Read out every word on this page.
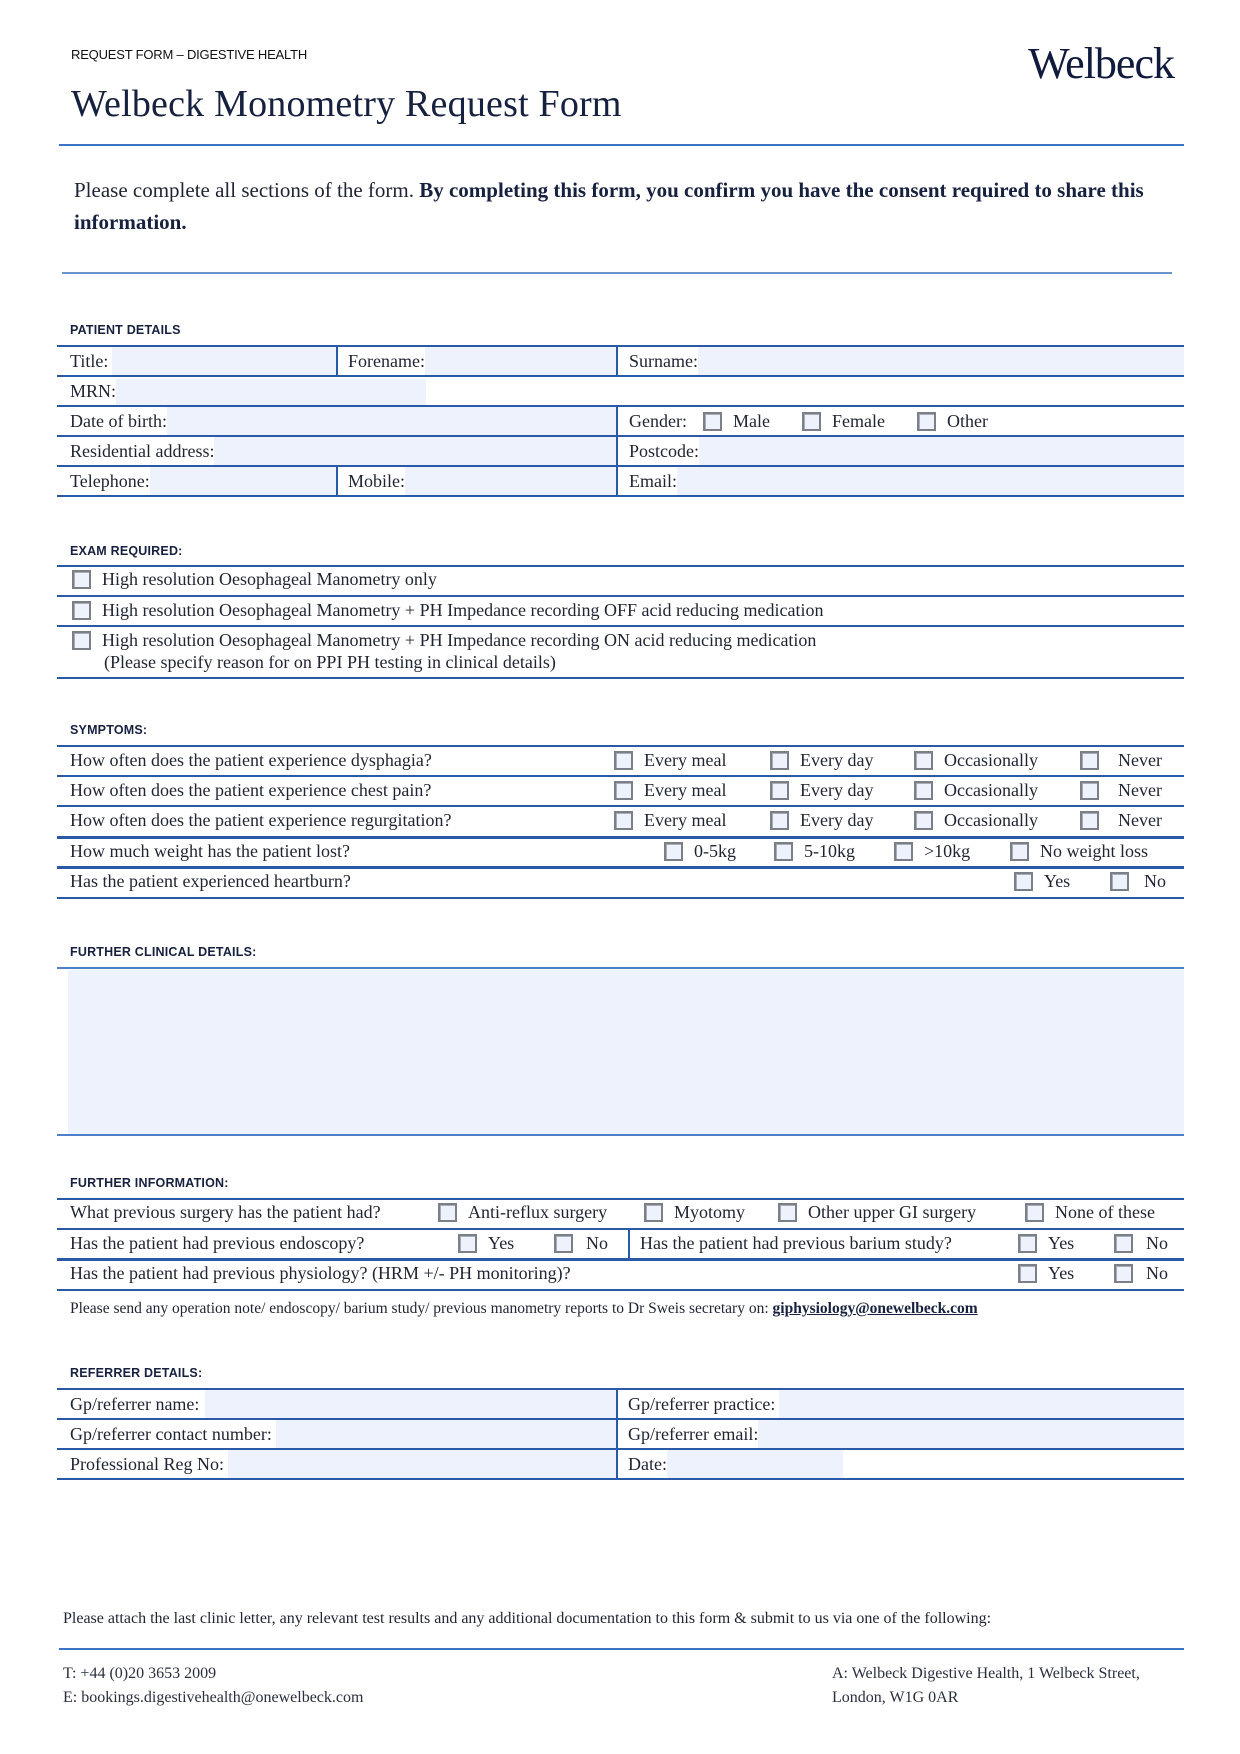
REQUEST FORM – DIGESTIVE HEALTH
Welbeck Monometry Request Form
Welbeck

Please complete all sections of the form. By completing this form, you confirm you have the consent required to share this information.

PATIENT DETAILS
Title:	Forename:	Surname:

MRN:		

Date of birth:		Gender: Male Female Other

Residential address:		Postcode:

Telephone:	Mobile:	Email:
EXAM REQUIRED:
High resolution Oesophageal Manometry only
High resolution Oesophageal Manometry + PH Impedance recording OFF acid reducing medication
High resolution Oesophageal Manometry + PH Impedance recording ON acid reducing medication
(Please specify reason for on PPI PH testing in clinical details)
SYMPTOMS:
How often does the patient experience dysphagia?	Every meal	Every day	Occasionally	Never
How often does the patient experience chest pain?	Every meal	Every day	Occasionally	Never
How often does the patient experience regurgitation?	Every meal	Every day	Occasionally	Never
How much weight has the patient lost?	0-5kg	5-10kg	>10kg	No weight loss
Has the patient experienced heartburn?	Yes	No
FURTHER CLINICAL DETAILS:
FURTHER INFORMATION:
What previous surgery has the patient had?	Anti-reflux surgery	Myotomy	Other upper GI surgery	None of these
Has the patient had previous endoscopy?	Yes	No Has the patient had previous barium study?	Yes	No
Has the patient had previous physiology? (HRM +/- PH monitoring)?	Yes	No
Please send any operation note/ endoscopy/ barium study/ previous manometry reports to Dr Sweis secretary on: giphysiology@onewelbeck.com
REFERRER DETAILS:
Gp/referrer name:	Gp/referrer practice:

Gp/referrer contact number:	Gp/referrer email:

Professional Reg No:	Date:
Please attach the last clinic letter, any relevant test results and any additional documentation to this form & submit to us via one of the following:
T: +44 (0)20 3653 2009
E: bookings.digestivehealth@onewelbeck.com
A: Welbeck Digestive Health, 1 Welbeck Street,
London, W1G 0AR
